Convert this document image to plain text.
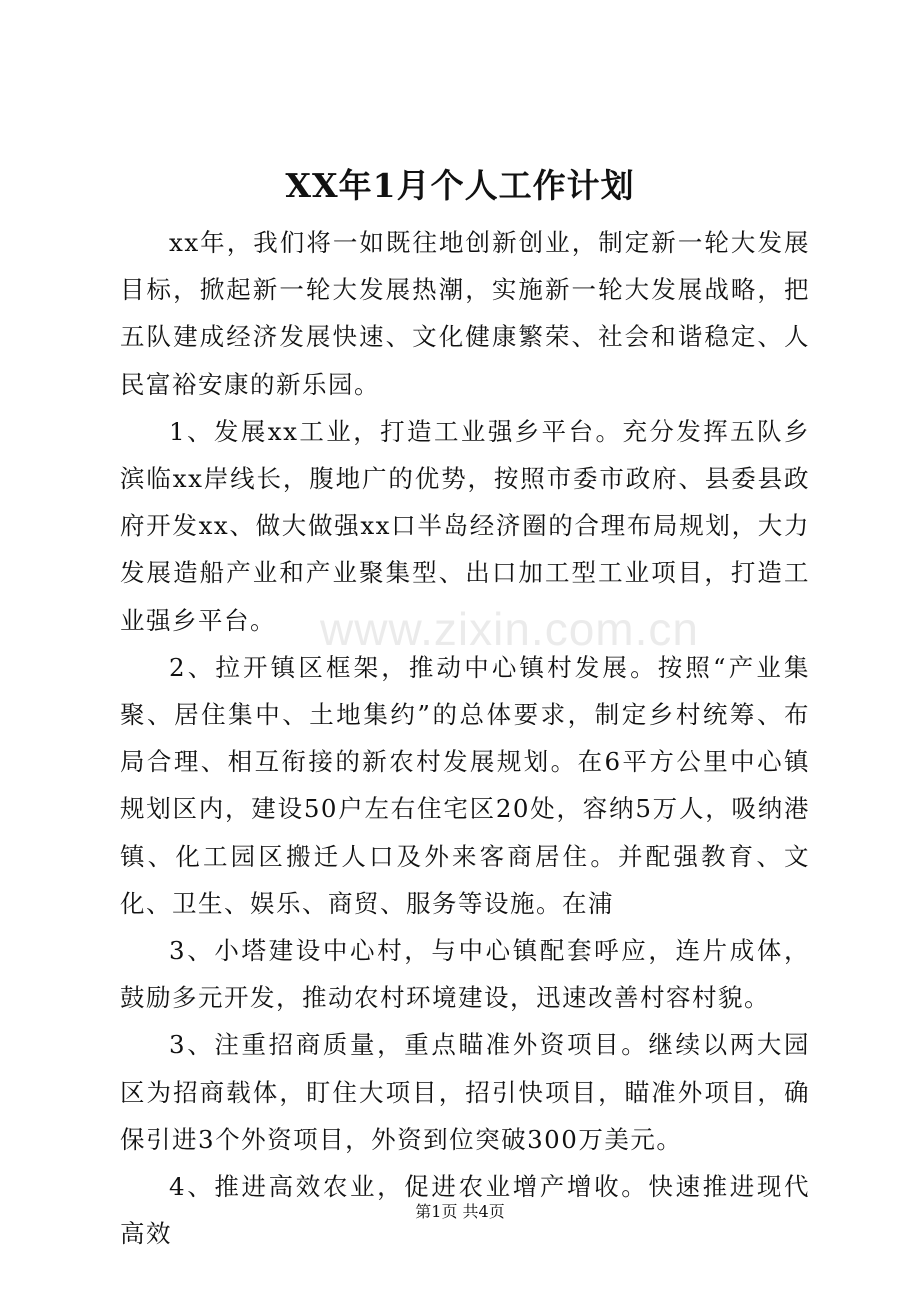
www.zixin.com.cn
XX年1月个人工作计划

xx年，我们将一如既往地创新创业，制定新一轮大发展目标，掀起新一轮大发展热潮，实施新一轮大发展战略，把五队建成经济发展快速、文化健康繁荣、社会和谐稳定、人民富裕安康的新乐园。

1、发展xx工业，打造工业强乡平台。充分发挥五队乡滨临xx岸线长，腹地广的优势，按照市委市政府、县委县政府开发xx、做大做强xx口半岛经济圈的合理布局规划，大力发展造船产业和产业聚集型、出口加工型工业项目，打造工业强乡平台。

2、拉开镇区框架，推动中心镇村发展。按照“产业集聚、居住集中、土地集约”的总体要求，制定乡村统筹、布局合理、相互衔接的新农村发展规划。在6平方公里中心镇规划区内，建设50户左右住宅区20处，容纳5万人，吸纳港镇、化工园区搬迁人口及外来客商居住。并配强教育、文化、卫生、娱乐、商贸、服务等设施。在浦

3、小塔建设中心村，与中心镇配套呼应，连片成体，鼓励多元开发，推动农村环境建设，迅速改善村容村貌。

3、注重招商质量，重点瞄准外资项目。继续以两大园区为招商载体，盯住大项目，招引快项目，瞄准外项目，确保引进3个外资项目，外资到位突破300万美元。

4、推进高效农业，促进农业增产增收。快速推进现代高效

第1页 共4页
